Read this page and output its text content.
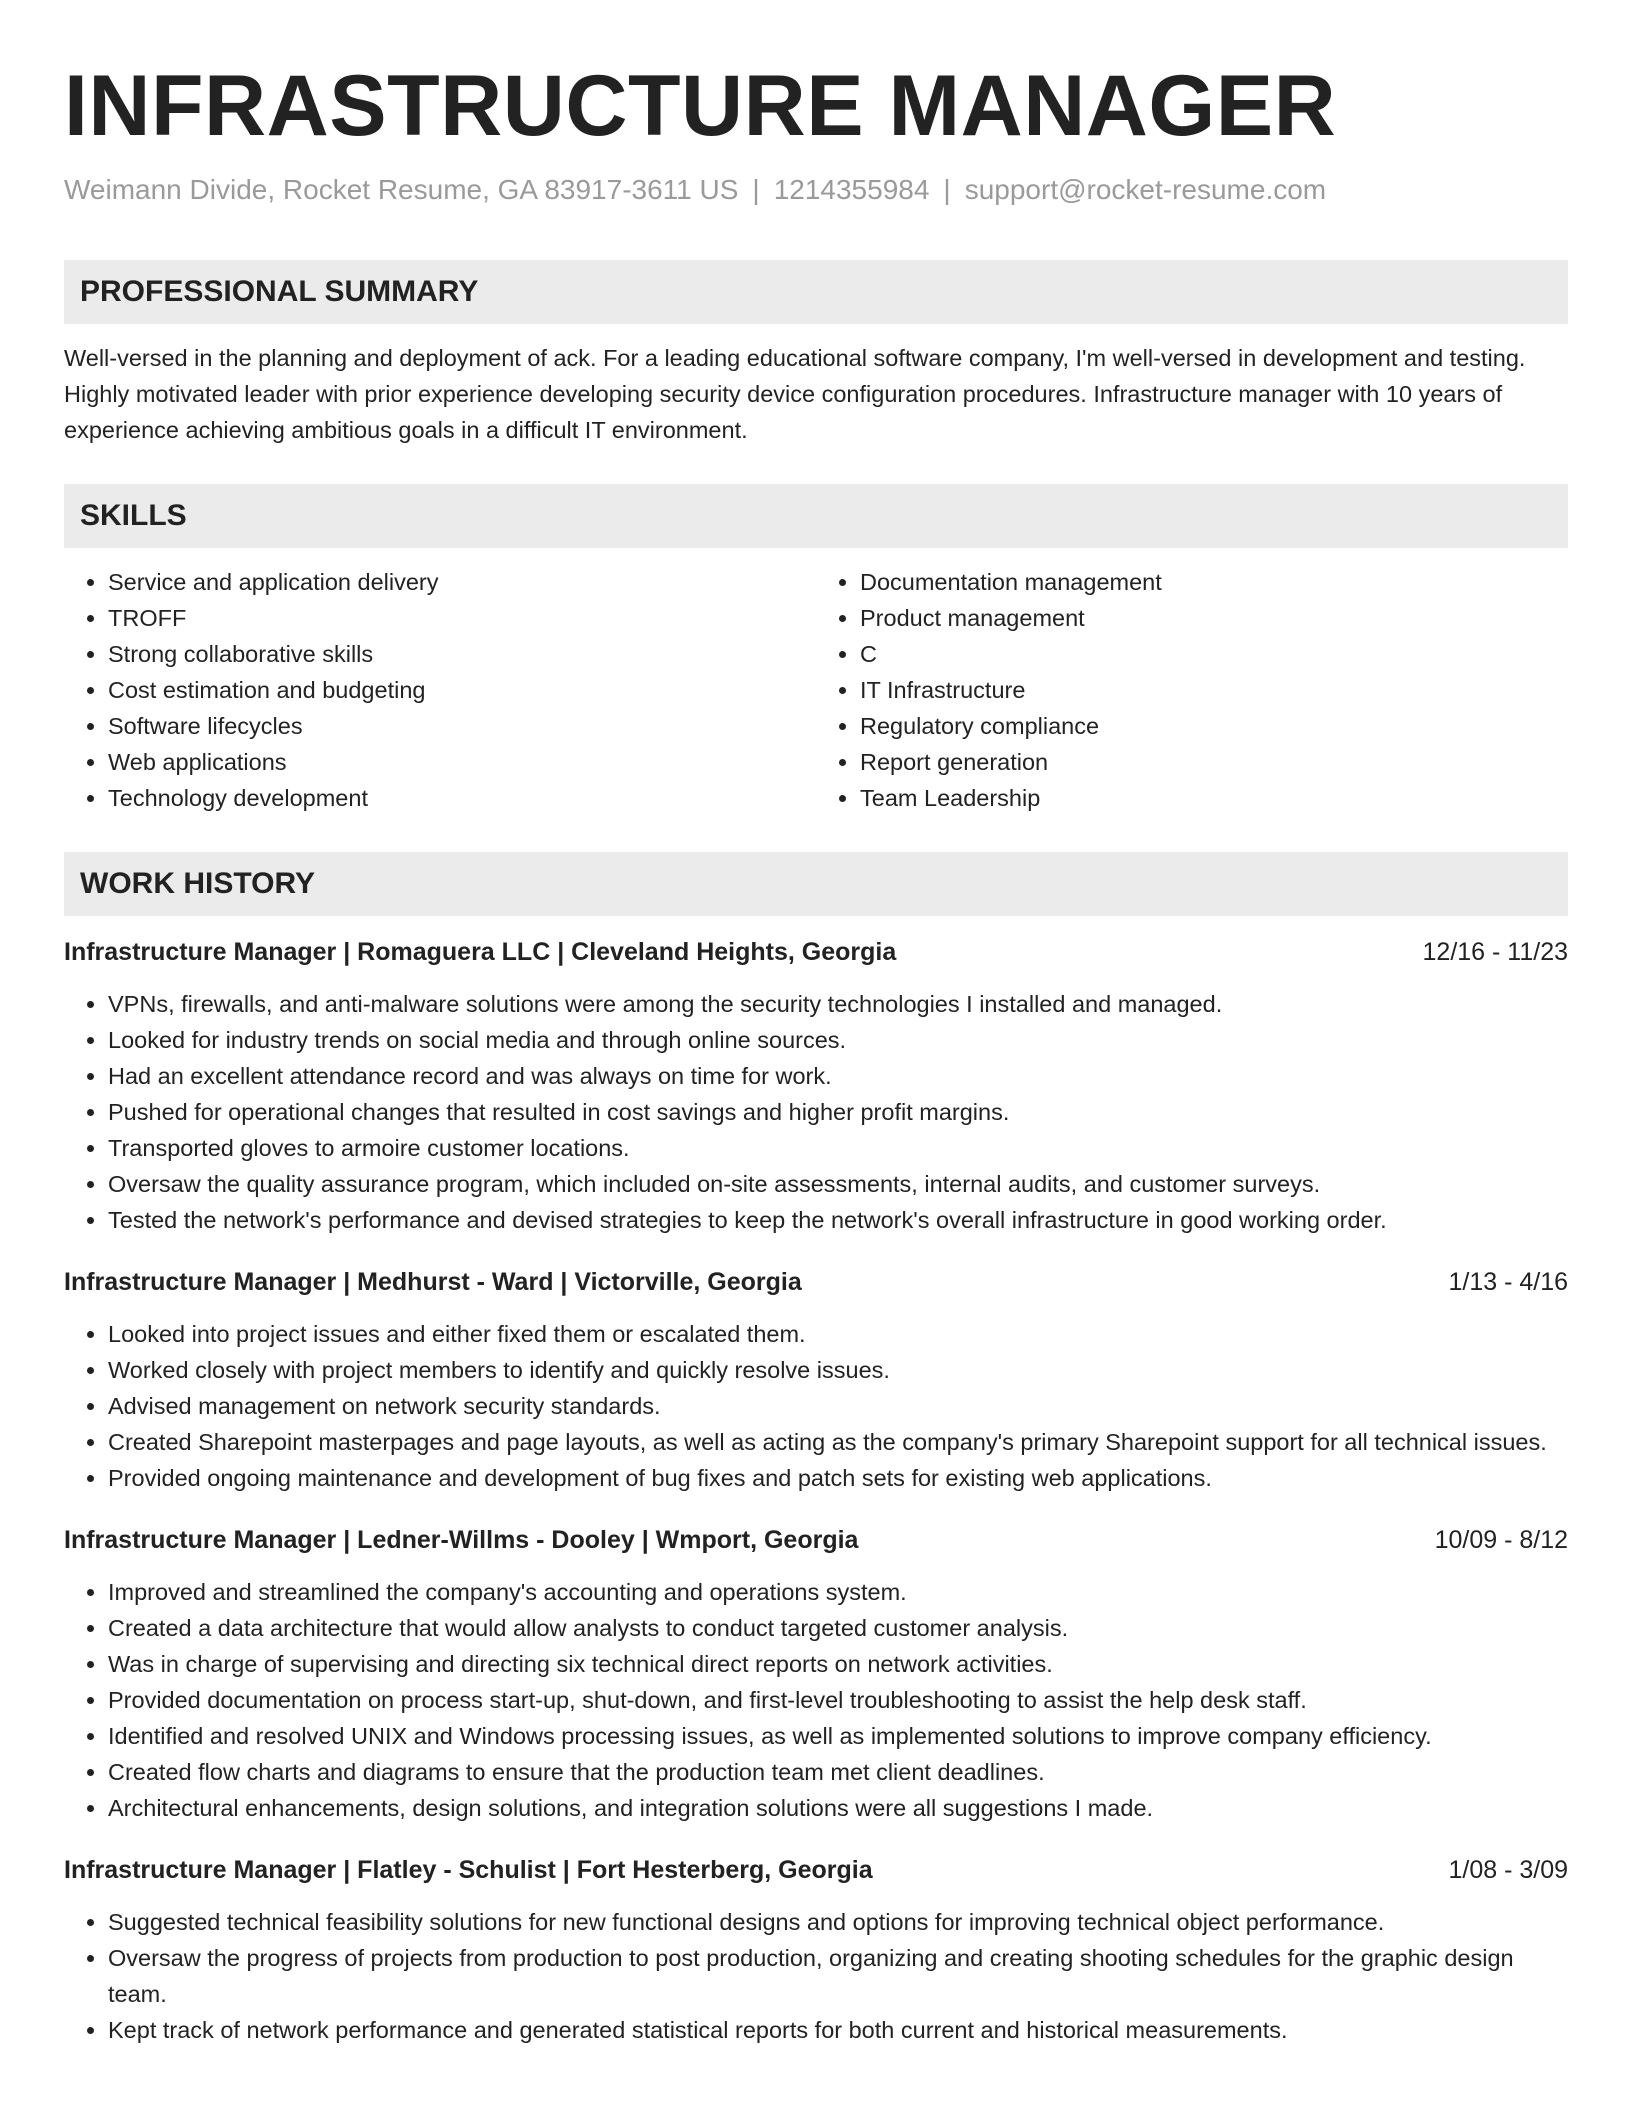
INFRASTRUCTURE MANAGER
Weimann Divide, Rocket Resume, GA 83917-3611 US | 1214355984 | support@rocket-resume.com
PROFESSIONAL SUMMARY
Well-versed in the planning and deployment of ack. For a leading educational software company, I'm well-versed in development and testing. Highly motivated leader with prior experience developing security device configuration procedures. Infrastructure manager with 10 years of experience achieving ambitious goals in a difficult IT environment.
SKILLS
• Service and application delivery
• TROFF
• Strong collaborative skills
• Cost estimation and budgeting
• Software lifecycles
• Web applications
• Technology development
• Documentation management
• Product management
• C
• IT Infrastructure
• Regulatory compliance
• Report generation
• Team Leadership
WORK HISTORY
Infrastructure Manager | Romaguera LLC | Cleveland Heights, Georgia	12/16 - 11/23
• VPNs, firewalls, and anti-malware solutions were among the security technologies I installed and managed.
• Looked for industry trends on social media and through online sources.
• Had an excellent attendance record and was always on time for work.
• Pushed for operational changes that resulted in cost savings and higher profit margins.
• Transported gloves to armoire customer locations.
• Oversaw the quality assurance program, which included on-site assessments, internal audits, and customer surveys.
• Tested the network's performance and devised strategies to keep the network's overall infrastructure in good working order.
Infrastructure Manager | Medhurst - Ward | Victorville, Georgia	1/13 - 4/16
• Looked into project issues and either fixed them or escalated them.
• Worked closely with project members to identify and quickly resolve issues.
• Advised management on network security standards.
• Created Sharepoint masterpages and page layouts, as well as acting as the company's primary Sharepoint support for all technical issues.
• Provided ongoing maintenance and development of bug fixes and patch sets for existing web applications.
Infrastructure Manager | Ledner-Willms - Dooley | Wmport, Georgia	10/09 - 8/12
• Improved and streamlined the company's accounting and operations system.
• Created a data architecture that would allow analysts to conduct targeted customer analysis.
• Was in charge of supervising and directing six technical direct reports on network activities.
• Provided documentation on process start-up, shut-down, and first-level troubleshooting to assist the help desk staff.
• Identified and resolved UNIX and Windows processing issues, as well as implemented solutions to improve company efficiency.
• Created flow charts and diagrams to ensure that the production team met client deadlines.
• Architectural enhancements, design solutions, and integration solutions were all suggestions I made.
Infrastructure Manager | Flatley - Schulist | Fort Hesterberg, Georgia	1/08 - 3/09
• Suggested technical feasibility solutions for new functional designs and options for improving technical object performance.
• Oversaw the progress of projects from production to post production, organizing and creating shooting schedules for the graphic design team.
• Kept track of network performance and generated statistical reports for both current and historical measurements.
